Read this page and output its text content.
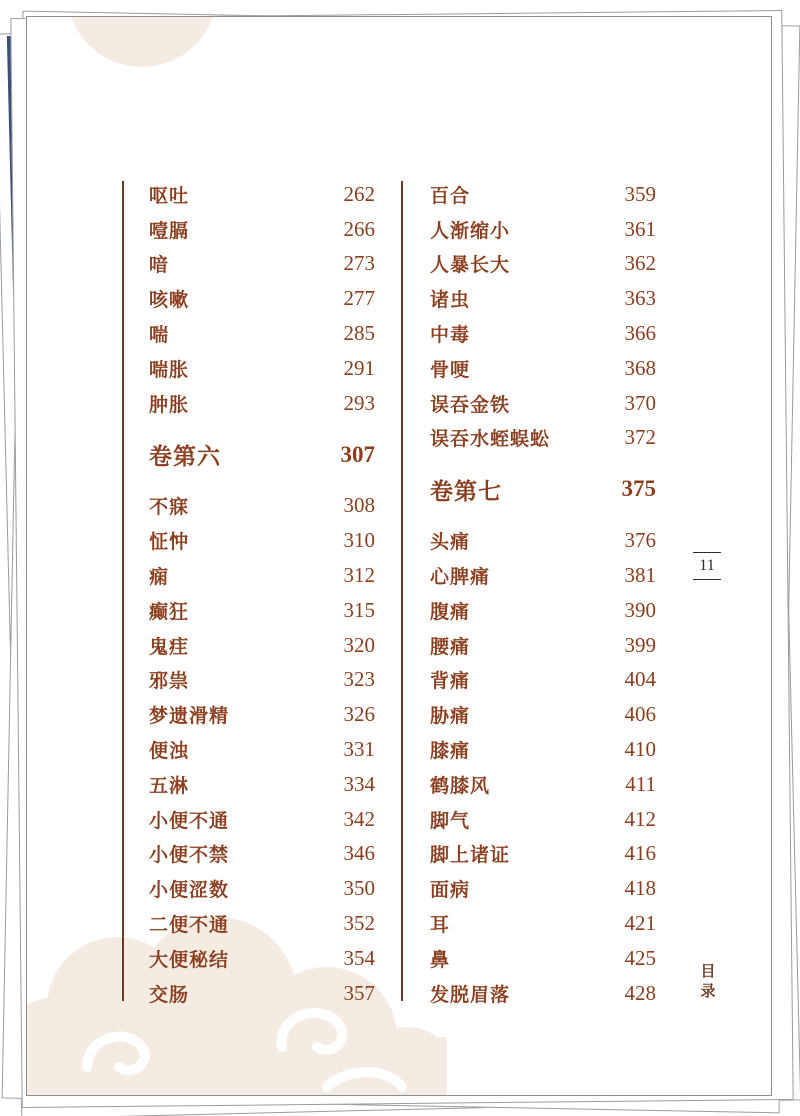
呕吐	262
噎膈	266
喑	273
咳嗽	277
喘	285
喘胀	291
肿胀	293
卷第六	307
不寐	308
怔忡	310
痫	312
癫狂	315
鬼疰	320
邪祟	323
梦遗滑精	326
便浊	331
五淋	334
小便不通	342
小便不禁	346
小便涩数	350
二便不通	352
大便秘结	354
交肠	357
百合	359
人渐缩小	361
人暴长大	362
诸虫	363
中毒	366
骨哽	368
误吞金铁	370
误吞水蛭蜈蚣	372
卷第七	375
头痛	376
心脾痛	381
腹痛	390
腰痛	399
背痛	404
胁痛	406
膝痛	410
鹤膝风	411
脚气	412
脚上诸证	416
面病	418
耳	421
鼻	425
发脱眉落	428
11
目录
